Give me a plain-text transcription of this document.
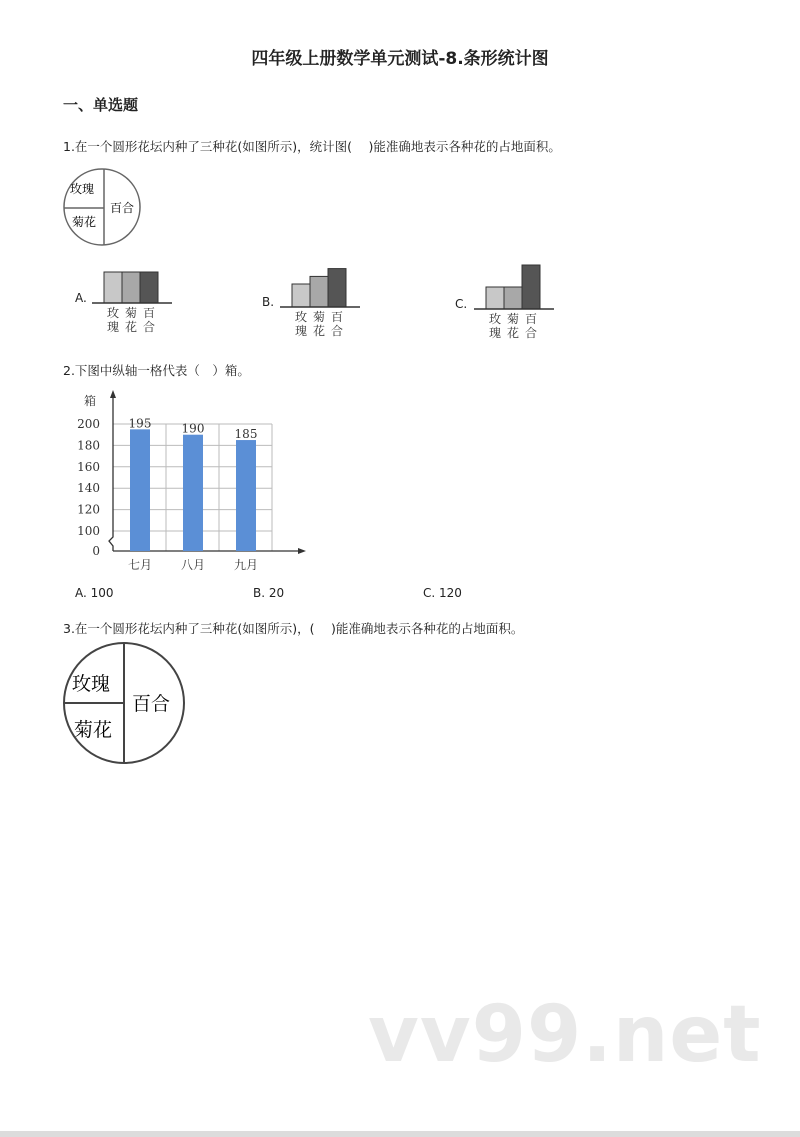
四年级上册数学单元测试-8.条形统计图
一、单选题
1.在一个圆形花坛内种了三种花(如图所示)，统计图(　 )能准确地表示各种花的占地面积。
玫瑰
菊花
百合
A.
玫
瑰
菊
花
百
合
B.
玫
瑰
菊
花
百
合
C.
玫
瑰
菊
花
百
合
2.下图中纵轴一格代表（　）箱。
箱
0
100
120
140
160
180
200 195
七月
190
八月
185
九月
A. 100	B. 20	C. 120
3.在一个圆形花坛内种了三种花(如图所示)，(　 )能准确地表示各种花的占地面积。
玫瑰
菊花
百合
vv99.net
